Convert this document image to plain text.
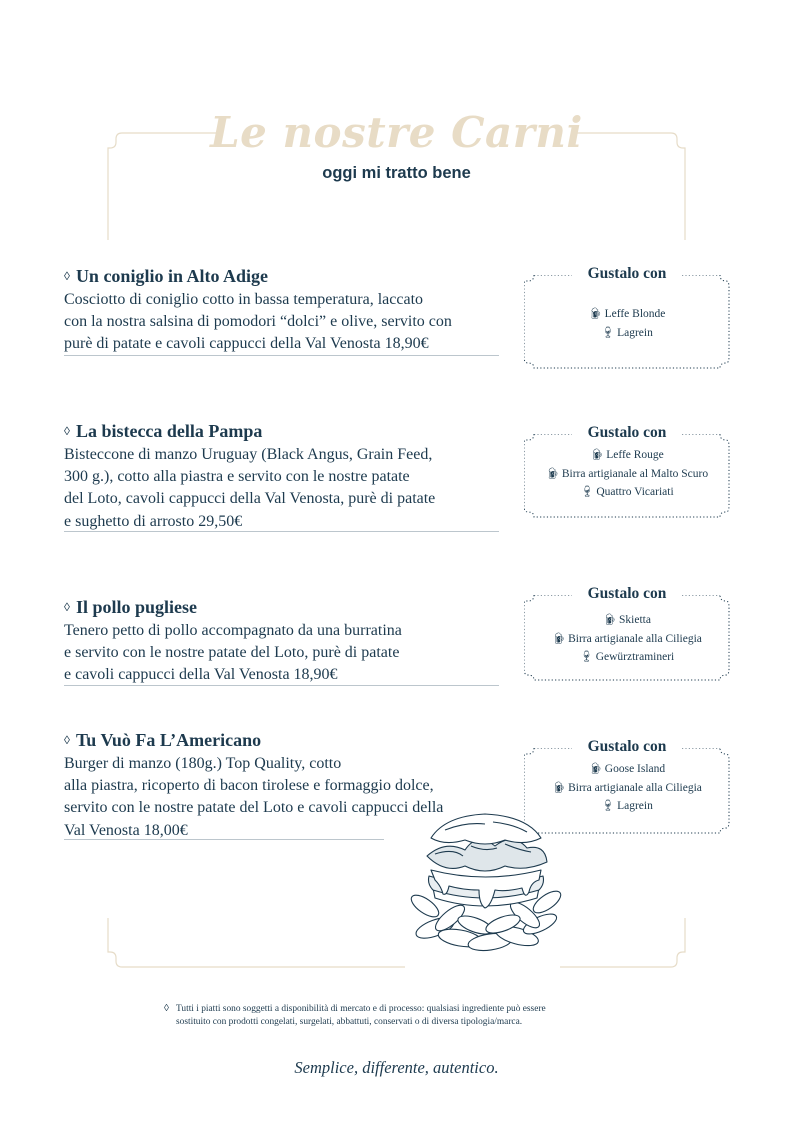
Le nostre Carni
oggi mi tratto bene
◊ Un coniglio in Alto Adige
Cosciotto di coniglio cotto in bassa temperatura, laccato
con la nostra salsina di pomodori “dolci” e olive, servito con
purè di patate e cavoli cappucci della Val Venosta 18,90€
◊ La bistecca della Pampa
Bisteccone di manzo Uruguay (Black Angus, Grain Feed,
300 g.), cotto alla piastra e servito con le nostre patate
del Loto, cavoli cappucci della Val Venosta, purè di patate
e sughetto di arrosto 29,50€
◊ Il pollo pugliese
Tenero petto di pollo accompagnato da una burratina
e servito con le nostre patate del Loto, purè di patate
e cavoli cappucci della Val Venosta 18,90€
◊ Tu Vuò Fa L’Americano
Burger di manzo (180g.) Top Quality, cotto
alla piastra, ricoperto di bacon tirolese e formaggio dolce,
servito con le nostre patate del Loto e cavoli cappucci della
Val Venosta 18,00€
Gustalo con
🍺︎ Leffe Blonde
🍷︎ Lagrein
Gustalo con
🍺︎ Leffe Rouge
🍺︎ Birra artigianale al Malto Scuro
🍷︎ Quattro Vicariati
Gustalo con
🍺︎ Skietta
🍺︎ Birra artigianale alla Ciliegia
🍷︎ Gewürztramineri
Gustalo con
🍺︎ Goose Island
🍺︎ Birra artigianale alla Ciliegia
🍷︎ Lagrein
◊ Tutti i piatti sono soggetti a disponibilità di mercato e di processo: qualsiasi ingrediente può essere
sostituito con prodotti congelati, surgelati, abbattuti, conservati o di diversa tipologia/marca.
Semplice, differente, autentico.
